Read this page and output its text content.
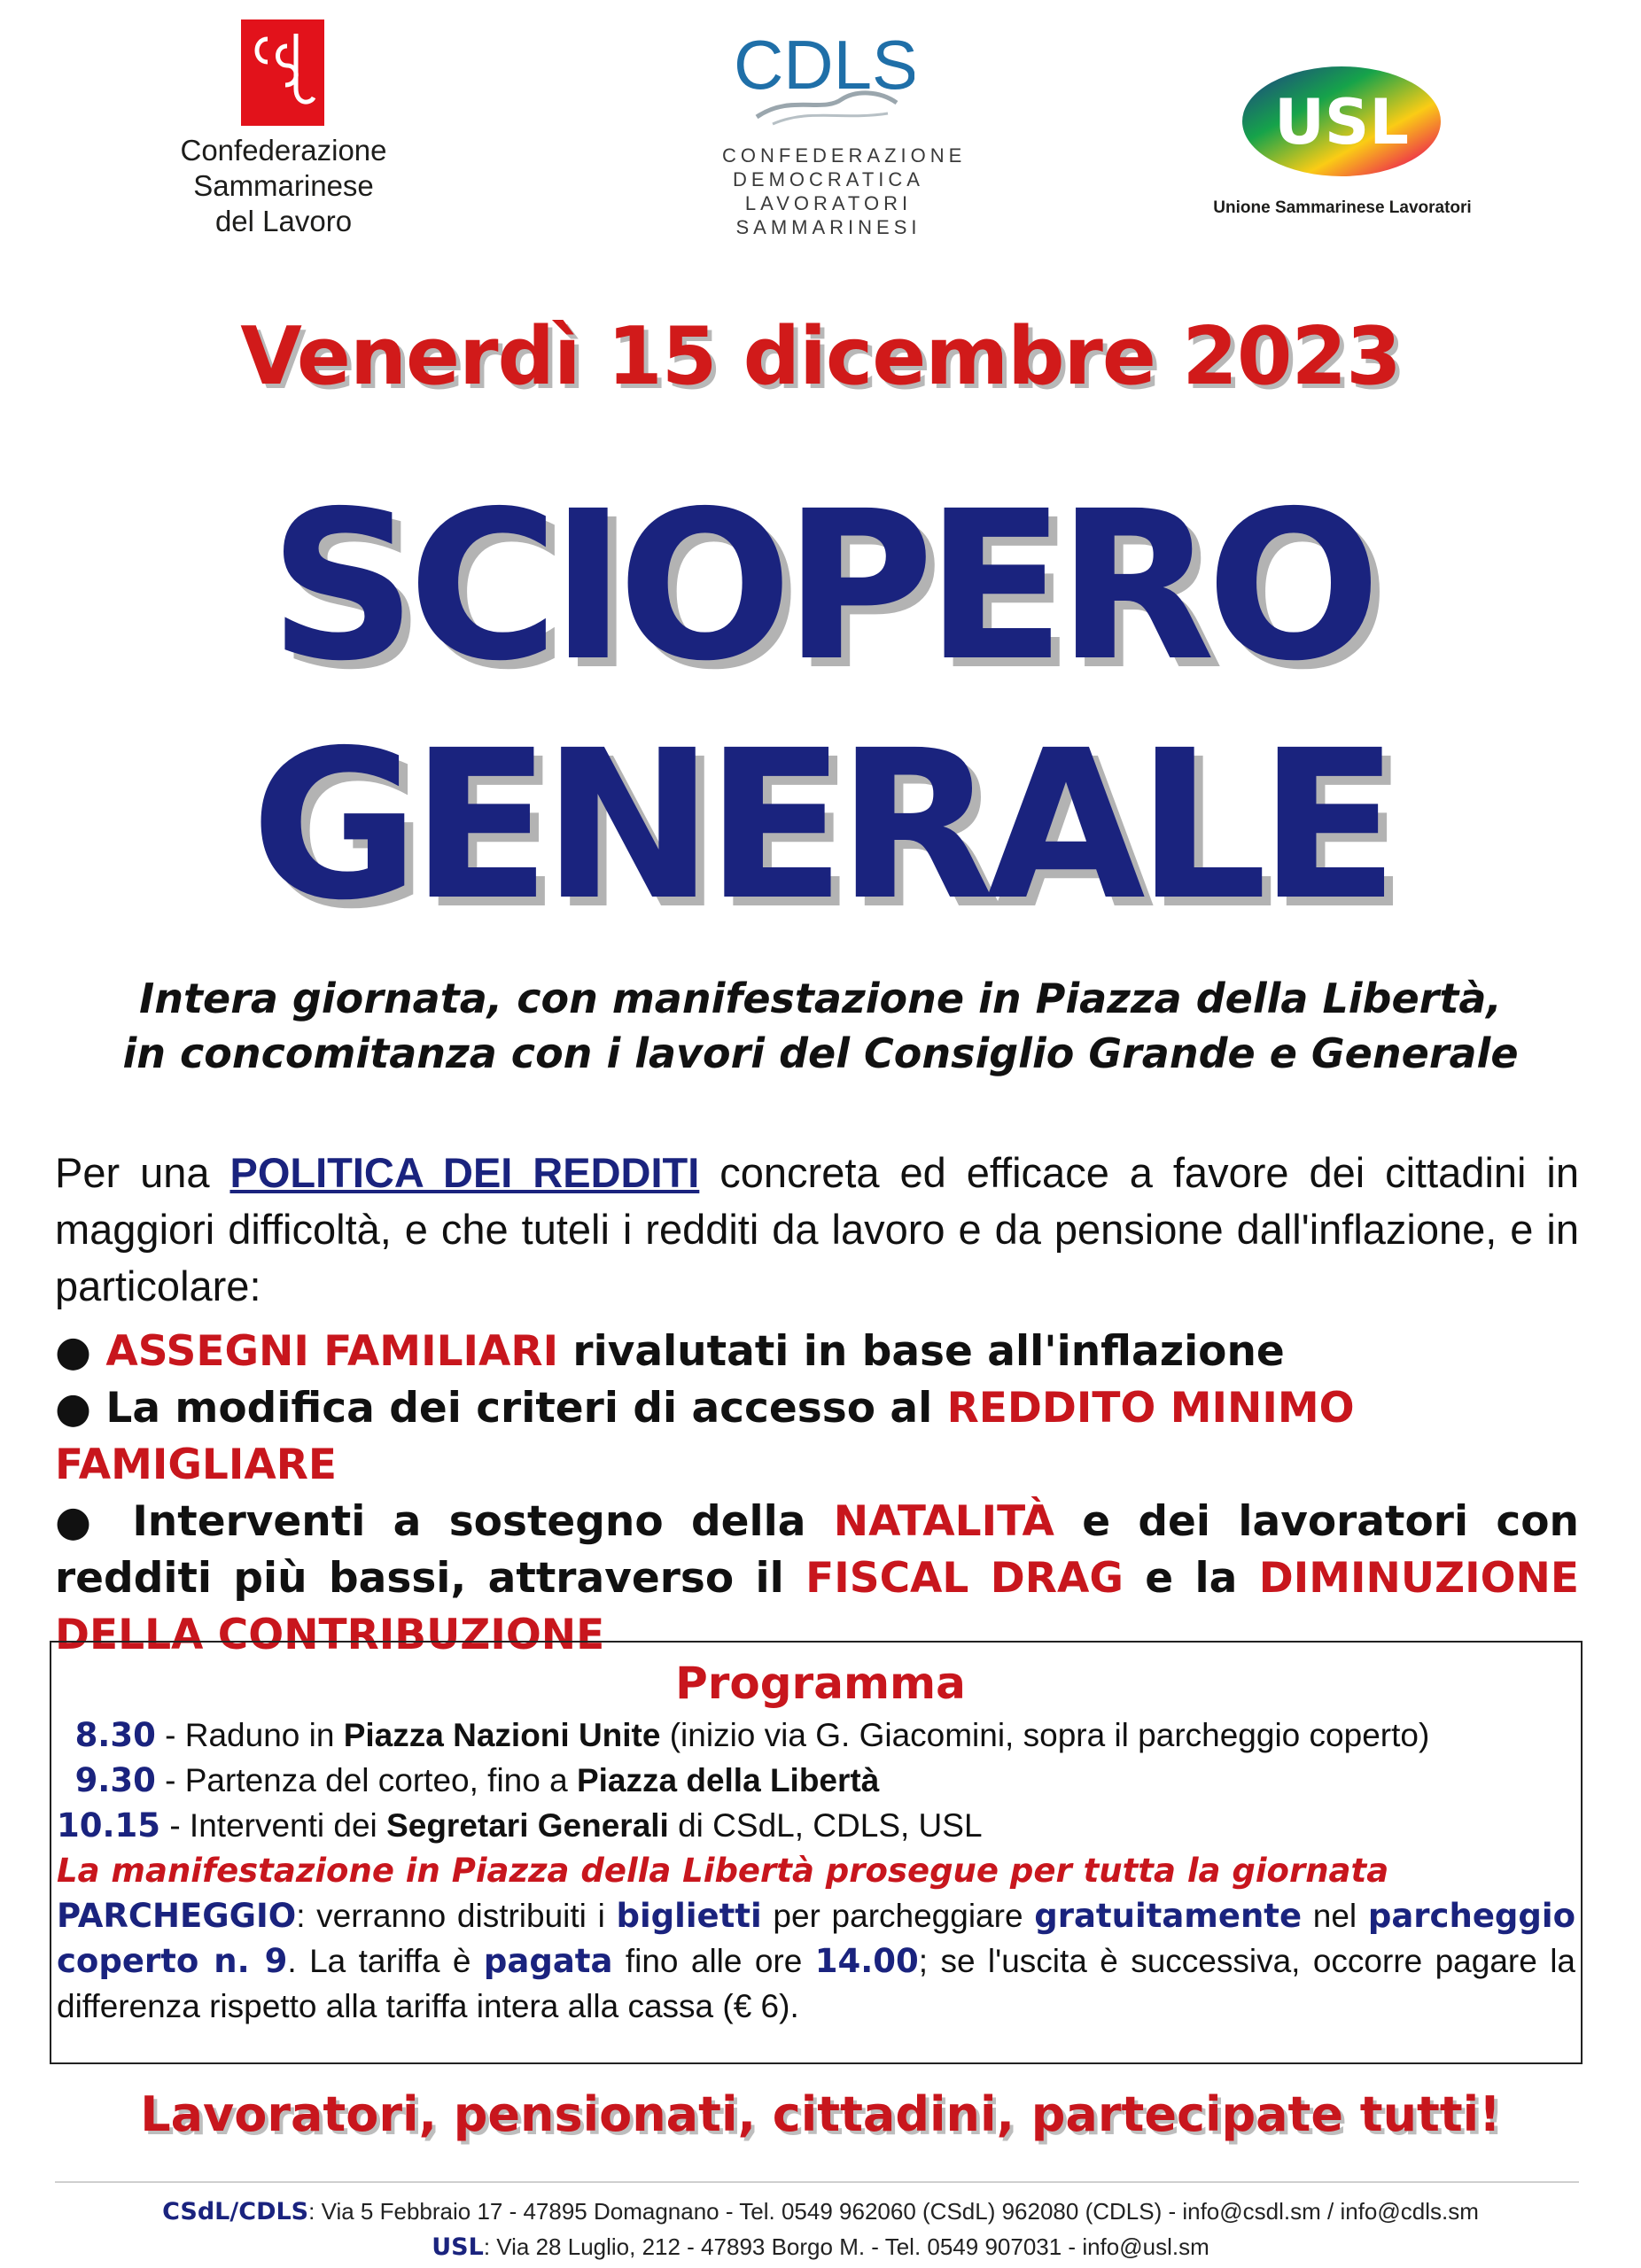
Confederazione
Sammarinese
del Lavoro
CDLS
CONFEDERAZIONE
DEMOCRATICA
LAVORATORI
SAMMARINESI
USL
Unione Sammarinese Lavoratori
Venerdì 15 dicembre 2023
SCIOPERO
GENERALE
Intera giornata, con manifestazione in Piazza della Libertà,
in concomitanza con i lavori del Consiglio Grande e Generale
Per una POLITICA DEI REDDITI concreta ed efficace a favore dei cittadini in maggiori difficoltà, e che tuteli i redditi da lavoro e da pensione dall'inflazione, e in particolare:

● ASSEGNI FAMILIARI rivalutati in base all'inflazione

● La modifica dei criteri di accesso al REDDITO MINIMO FAMIGLIARE

● Interventi a sostegno della NATALITÀ e dei lavoratori con redditi più bassi, attraverso il FISCAL DRAG e la DIMINUZIONE DELLA CONTRIBUZIONE

Programma

8.30 - Raduno in Piazza Nazioni Unite (inizio via G. Giacomini, sopra il parcheggio coperto)

9.30 - Partenza del corteo, fino a Piazza della Libertà

10.15 - Interventi dei Segretari Generali di CSdL, CDLS, USL

La manifestazione in Piazza della Libertà prosegue per tutta la giornata

PARCHEGGIO: verranno distribuiti i biglietti per parcheggiare gratuitamente nel parcheggio coperto n. 9. La tariffa è pagata fino alle ore 14.00; se l'uscita è successiva, occorre pagare la differenza rispetto alla tariffa intera alla cassa (€ 6).

Lavoratori, pensionati, cittadini, partecipate tutti!
CSdL/CDLS: Via 5 Febbraio 17 - 47895 Domagnano - Tel. 0549 962060 (CSdL) 962080 (CDLS) - info@csdl.sm / info@cdls.sm
USL: Via 28 Luglio, 212 - 47893 Borgo M. - Tel. 0549 907031 - info@usl.sm
